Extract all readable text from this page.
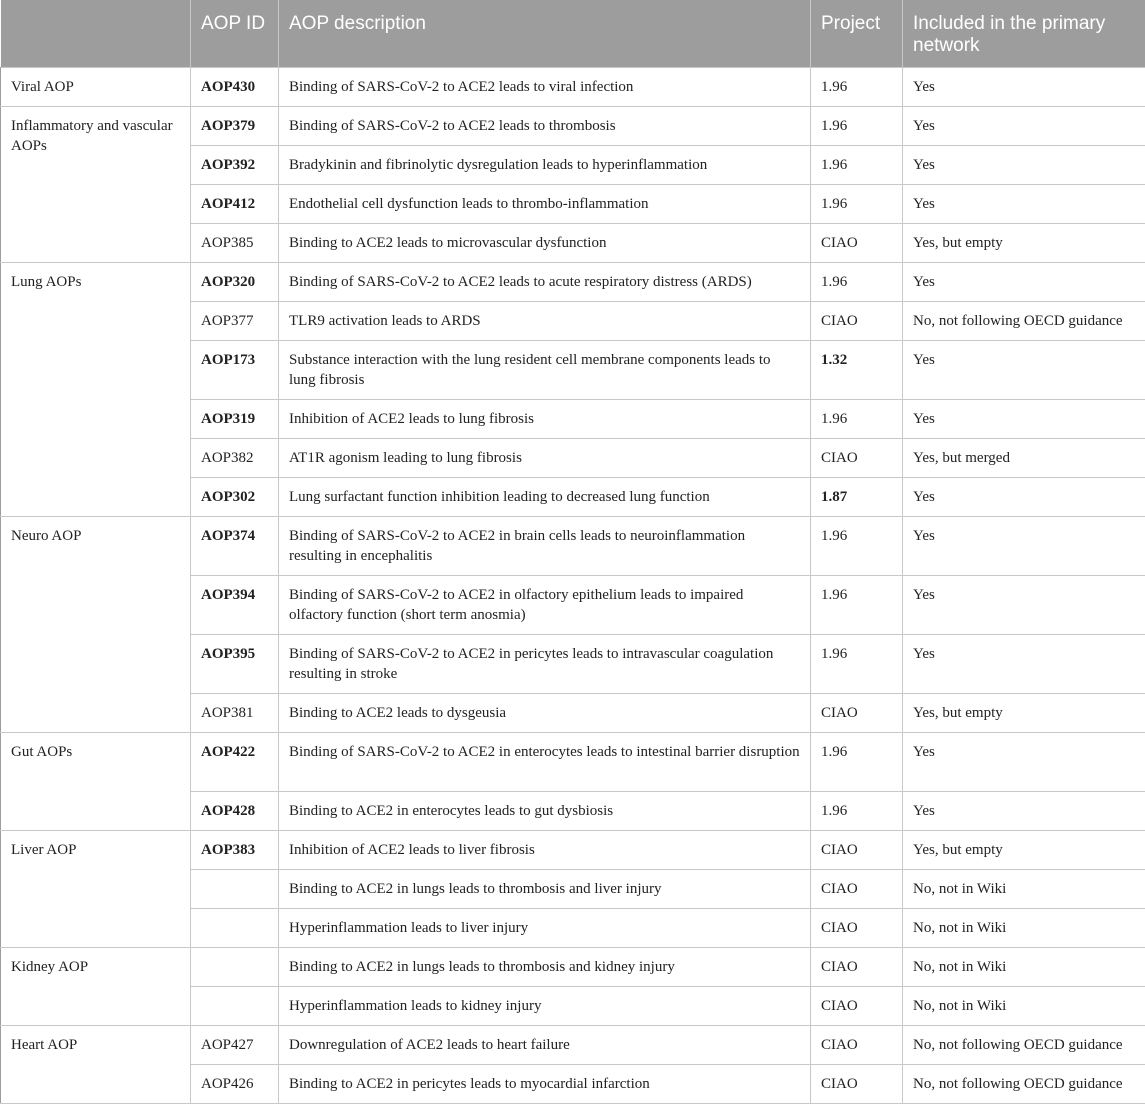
	AOP ID	AOP description	Project	Included in the primary network
Viral AOP	AOP430	Binding of SARS-CoV-2 to ACE2 leads to viral infection	1.96	Yes
Inflammatory and vascular AOPs	AOP379	Binding of SARS-CoV-2 to ACE2 leads to thrombosis	1.96	Yes
	AOP392	Bradykinin and fibrinolytic dysregulation leads to hyperinflammation	1.96	Yes
	AOP412	Endothelial cell dysfunction leads to thrombo-inflammation	1.96	Yes
	AOP385	Binding to ACE2 leads to microvascular dysfunction	CIAO	Yes, but empty
Lung AOPs	AOP320	Binding of SARS-CoV-2 to ACE2 leads to acute respiratory distress (ARDS)	1.96	Yes
	AOP377	TLR9 activation leads to ARDS	CIAO	No, not following OECD guidance
	AOP173	Substance interaction with the lung resident cell membrane components leads to lung fibrosis	1.32	Yes
	AOP319	Inhibition of ACE2 leads to lung fibrosis	1.96	Yes
	AOP382	AT1R agonism leading to lung fibrosis	CIAO	Yes, but merged
	AOP302	Lung surfactant function inhibition leading to decreased lung function	1.87	Yes
Neuro AOP	AOP374	Binding of SARS-CoV-2 to ACE2 in brain cells leads to neuroinflammation resulting in encephalitis	1.96	Yes
	AOP394	Binding of SARS-CoV-2 to ACE2 in olfactory epithelium leads to impaired olfactory function (short term anosmia)	1.96	Yes
	AOP395	Binding of SARS-CoV-2 to ACE2 in pericytes leads to intravascular coagulation resulting in stroke	1.96	Yes
	AOP381	Binding to ACE2 leads to dysgeusia	CIAO	Yes, but empty
Gut AOPs	AOP422	Binding of SARS-CoV-2 to ACE2 in enterocytes leads to intestinal barrier disruption	1.96	Yes
	AOP428	Binding to ACE2 in enterocytes leads to gut dysbiosis	1.96	Yes
Liver AOP	AOP383	Inhibition of ACE2 leads to liver fibrosis	CIAO	Yes, but empty
		Binding to ACE2 in lungs leads to thrombosis and liver injury	CIAO	No, not in Wiki
		Hyperinflammation leads to liver injury	CIAO	No, not in Wiki
Kidney AOP		Binding to ACE2 in lungs leads to thrombosis and kidney injury	CIAO	No, not in Wiki
		Hyperinflammation leads to kidney injury	CIAO	No, not in Wiki
Heart AOP	AOP427	Downregulation of ACE2 leads to heart failure	CIAO	No, not following OECD guidance
	AOP426	Binding to ACE2 in pericytes leads to myocardial infarction	CIAO	No, not following OECD guidance
